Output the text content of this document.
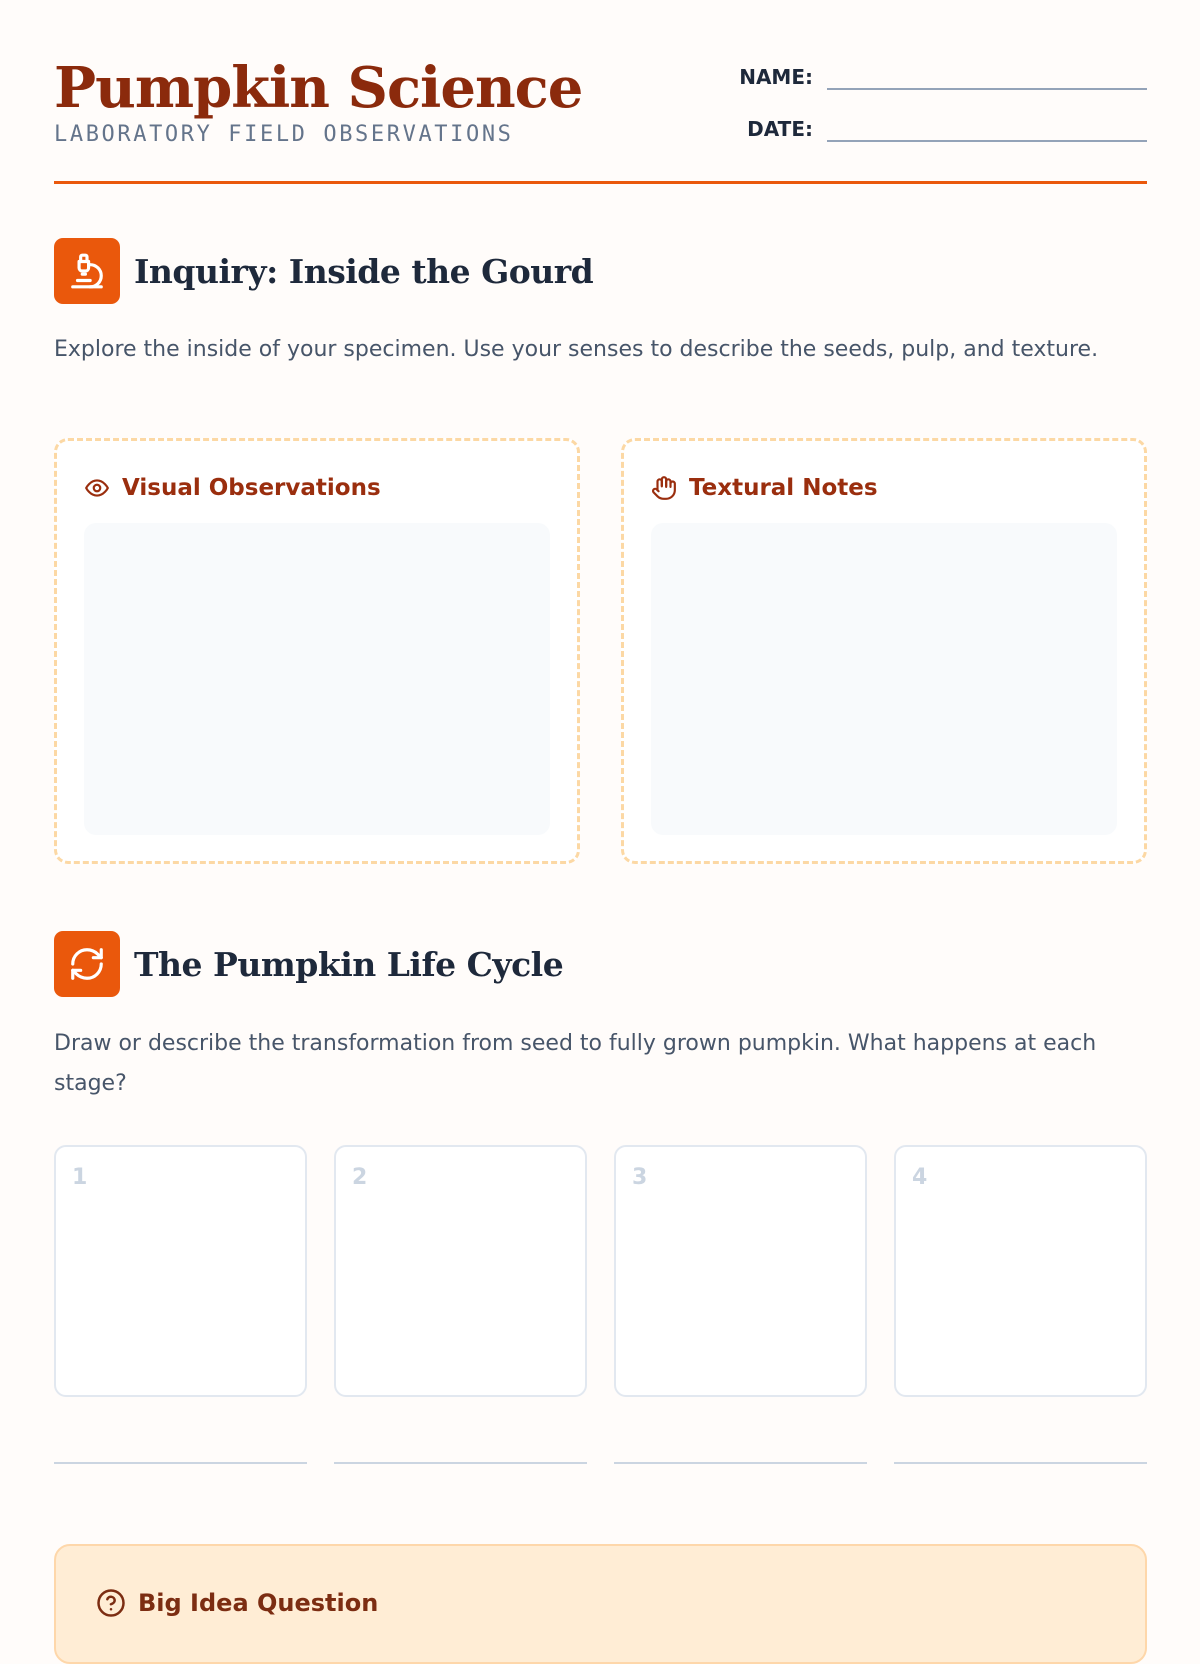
Pumpkin Science
LABORATORY FIELD OBSERVATIONS
NAME:
DATE:
Inquiry: Inside the Gourd
Explore the inside of your specimen. Use your senses to describe the seeds, pulp, and texture.
Visual Observations	Textural Notes
The Pumpkin Life Cycle
Draw or describe the transformation from seed to fully grown pumpkin. What happens at each stage?
1	2	3	4
Big Idea Question
